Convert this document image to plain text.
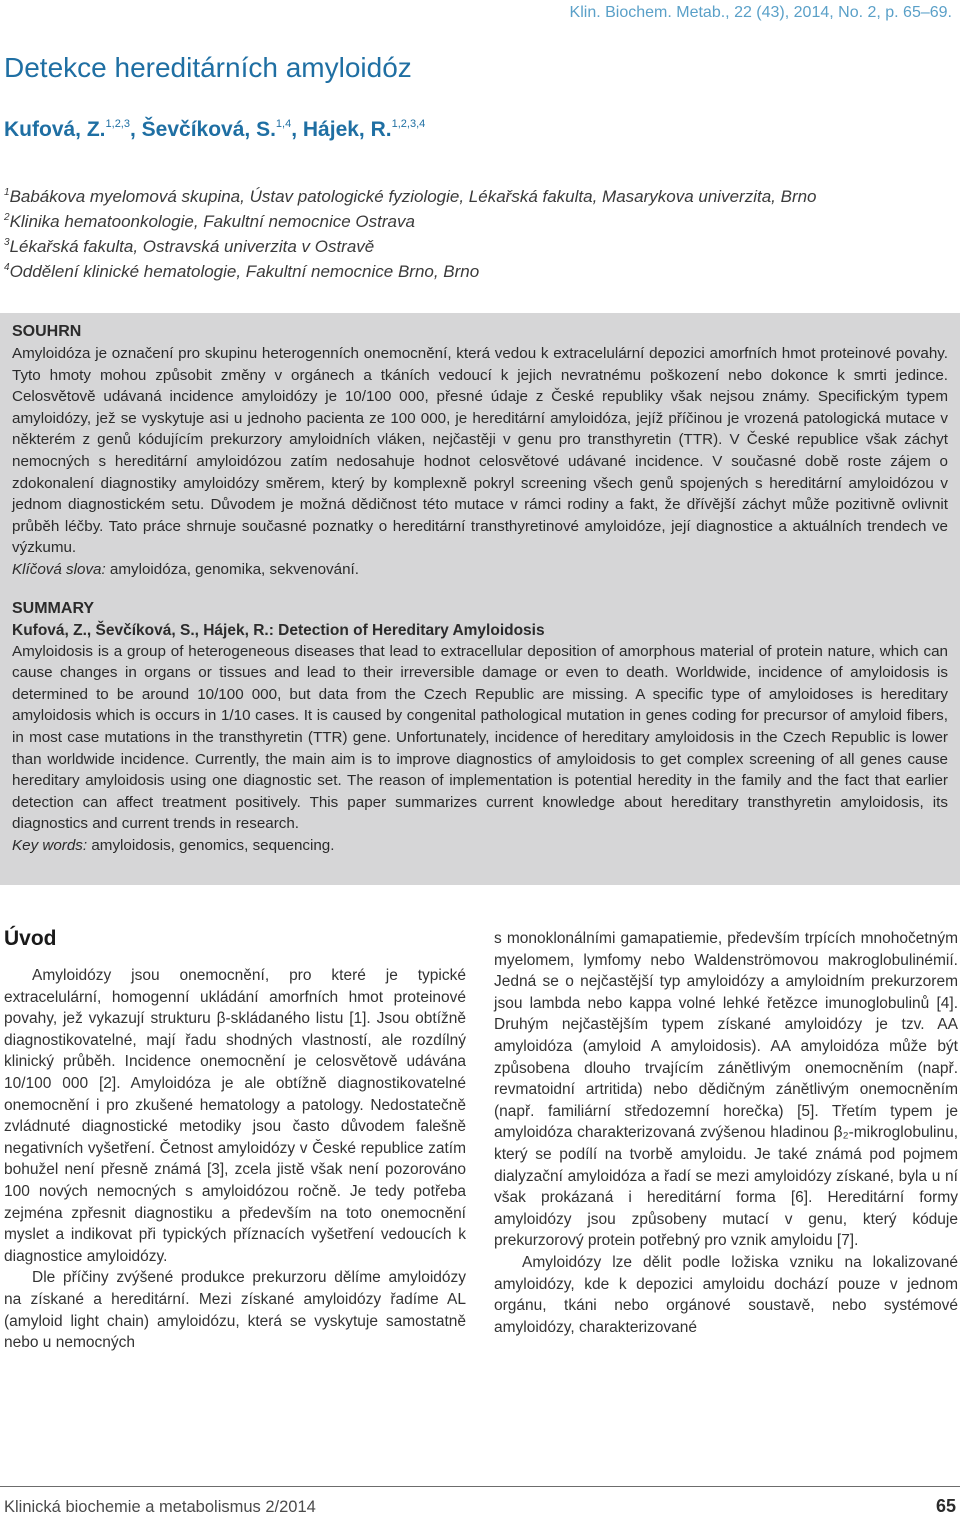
Klin. Biochem. Metab., 22 (43), 2014, No. 2, p. 65–69.
Detekce hereditárních amyloidóz
Kufová, Z.$^{1,2,3}$, Ševčíková, S.$^{1,4}$, Hájek, R.$^{1,2,3,4}$
$^1$Babákova myelomová skupina, Ústav patologické fyziologie, Lékařská fakulta, Masarykova univerzita, Brno
$^2$Klinika hematoonkologie, Fakultní nemocnice Ostrava
$^3$Lékařská fakulta, Ostravská univerzita v Ostravě
$^4$Oddělení klinické hematologie, Fakultní nemocnice Brno, Brno
SOUHRN

Amyloidóza je označení pro skupinu heterogenních onemocnění, která vedou k extracelulární depozici amorfních hmot proteinové povahy. Tyto hmoty mohou způsobit změny v orgánech a tkáních vedoucí k jejich nevratnému poškození nebo dokonce k smrti jedince. Celosvětově udávaná incidence amyloidózy je 10/100 000, přesné údaje z České republiky však nejsou známy. Specifickým typem amyloidózy, jež se vyskytuje asi u jednoho pacienta ze 100 000, je hereditární amyloidóza, jejíž příčinou je vrozená patologická mutace v některém z genů kódujícím prekurzory amyloidních vláken, nejčastěji v genu pro transthyretin (TTR). V České republice však záchyt nemocných s hereditární amyloidózou zatím nedosahuje hodnot celosvětové udávané incidence. V současné době roste zájem o zdokonalení diagnostiky amyloidózy směrem, který by komplexně pokryl screening všech genů spojených s hereditární amyloidózou v jednom diagnostickém setu. Důvodem je možná dědičnost této mutace v rámci rodiny a fakt, že dřívější záchyt může pozitivně ovlivnit průběh léčby. Tato práce shrnuje současné poznatky o hereditární transthyretinové amyloidóze, její diagnostice a aktuálních trendech ve výzkumu.

Klíčová slova: amyloidóza, genomika, sekvenování.

SUMMARY
Kufová, Z., Ševčíková, S., Hájek, R.: Detection of Hereditary Amyloidosis

Amyloidosis is a group of heterogeneous diseases that lead to extracellular deposition of amorphous material of protein nature, which can cause changes in organs or tissues and lead to their irreversible damage or even to death. Worldwide, incidence of amyloidosis is determined to be around 10/100 000, but data from the Czech Republic are missing. A specific type of amyloidoses is hereditary amyloidosis which is occurs in 1/10 cases. It is caused by congenital pathological mutation in genes coding for precursor of amyloid fibers, in most case mutations in the transthyretin (TTR) gene. Unfortunately, incidence of hereditary amyloidosis in the Czech Republic is lower than worldwide incidence. Currently, the main aim is to improve diagnostics of amyloidosis to get complex screening of all genes cause hereditary amyloidosis using one diagnostic set. The reason of implementation is potential heredity in the family and the fact that earlier detection can affect treatment positively. This paper summarizes current knowledge about hereditary transthyretin amyloidosis, its diagnostics and current trends in research.

Key words: amyloidosis, genomics, sequencing.

Úvod

Amyloidózy jsou onemocnění, pro které je typické extracelulární, homogenní ukládání amorfních hmot proteinové povahy, jež vykazují strukturu β-skládaného listu [1]. Jsou obtížně diagnostikovatelné, mají řadu shodných vlastností, ale rozdílný klinický průběh. Incidence onemocnění je celosvětově udávána 10/100 000 [2]. Amyloidóza je ale obtížně diagnostikovatelné onemocnění i pro zkušené hematology a patology. Nedostatečně zvládnuté diagnostické metodiky jsou často důvodem falešně negativních vyšetření. Četnost amyloidózy v České republice zatím bohužel není přesně známá [3], zcela jistě však není pozorováno 100 nových nemocných s amyloidózou ročně. Je tedy potřeba zejména zpřesnit diagnostiku a především na toto onemocnění myslet a indikovat při typických příznacích vyšetření vedoucích k diagnostice amyloidózy.

Dle příčiny zvýšené produkce prekurzoru dělíme amyloidózy na získané a hereditární. Mezi získané amyloidózy řadíme AL (amyloid light chain) amyloidózu, která se vyskytuje samostatně nebo u nemocných

s monoklonálními gamapatiemie, především trpících mnohočetným myelomem, lymfomy nebo Waldenströmovou makroglobulinémií. Jedná se o nejčastější typ amyloidózy a amyloidním prekurzorem jsou lambda nebo kappa volné lehké řetězce imunoglobulinů [4]. Druhým nejčastějším typem získané amyloidózy je tzv. AA amyloidóza (amyloid A amyloidosis). AA amyloidóza může být způsobena dlouho trvajícím zánětlivým onemocněním (např. revmatoidní artritida) nebo dědičným zánětlivým onemocněním (např. familiární středozemní horečka) [5]. Třetím typem je amyloidóza charakterizovaná zvýšenou hladinou β₂-mikroglobulinu, který se podílí na tvorbě amyloidu. Je také známá pod pojmem dialyzační amyloidóza a řadí se mezi amyloidózy získané, byla u ní však prokázaná i hereditární forma [6]. Hereditární formy amyloidózy jsou způsobeny mutací v genu, který kóduje prekurzorový protein potřebný pro vznik amyloidu [7].

Amyloidózy lze dělit podle ložiska vzniku na lokalizované amyloidózy, kde k depozici amyloidu dochází pouze v jednom orgánu, tkáni nebo orgánové soustavě, nebo systémové amyloidózy, charakterizované

Klinická biochemie a metabolismus 2/2014	65
